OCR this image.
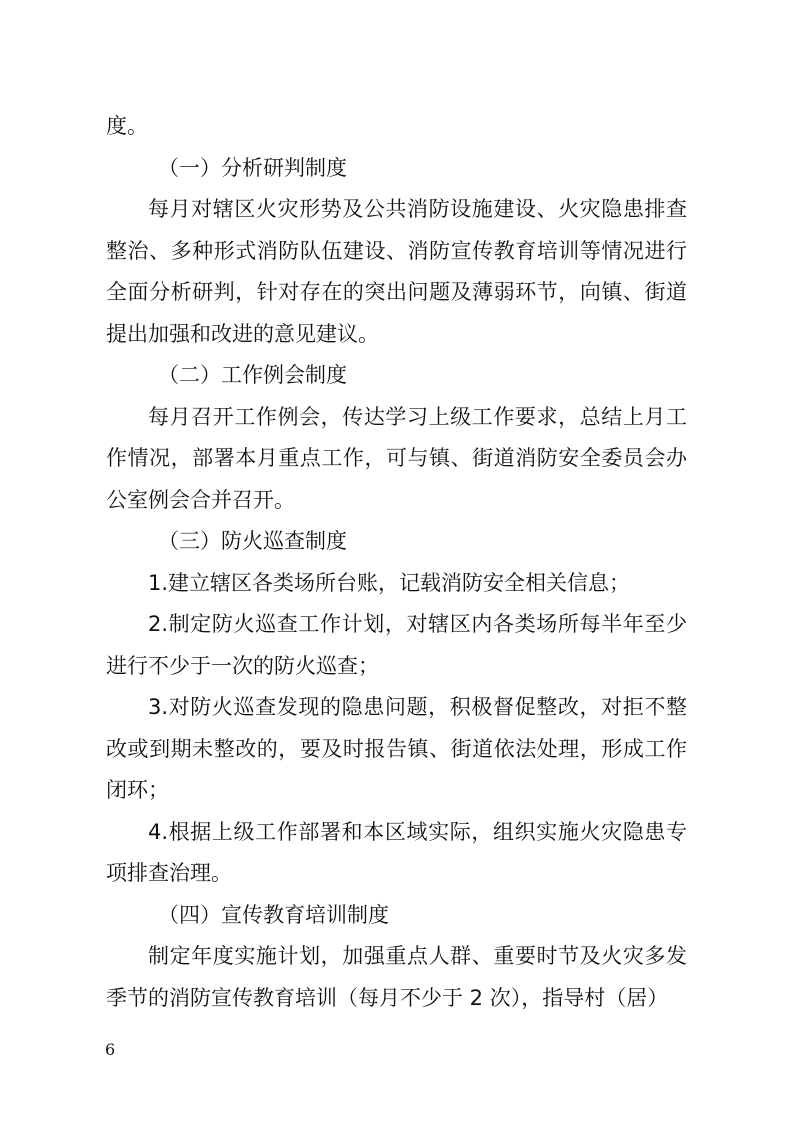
度。

（一）分析研判制度

每月对辖区火灾形势及公共消防设施建设、火灾隐患排查整治、多种形式消防队伍建设、消防宣传教育培训等情况进行全面分析研判，针对存在的突出问题及薄弱环节，向镇、街道提出加强和改进的意见建议。

（二）工作例会制度

每月召开工作例会，传达学习上级工作要求，总结上月工作情况，部署本月重点工作，可与镇、街道消防安全委员会办公室例会合并召开。

（三）防火巡查制度

1.建立辖区各类场所台账，记载消防安全相关信息；

2.制定防火巡查工作计划，对辖区内各类场所每半年至少进行不少于一次的防火巡查；

3.对防火巡查发现的隐患问题，积极督促整改，对拒不整改或到期未整改的，要及时报告镇、街道依法处理，形成工作闭环；

4.根据上级工作部署和本区域实际，组织实施火灾隐患专项排查治理。

（四）宣传教育培训制度

制定年度实施计划，加强重点人群、重要时节及火灾多发季节的消防宣传教育培训（每月不少于 2 次），指导村（居）

6
